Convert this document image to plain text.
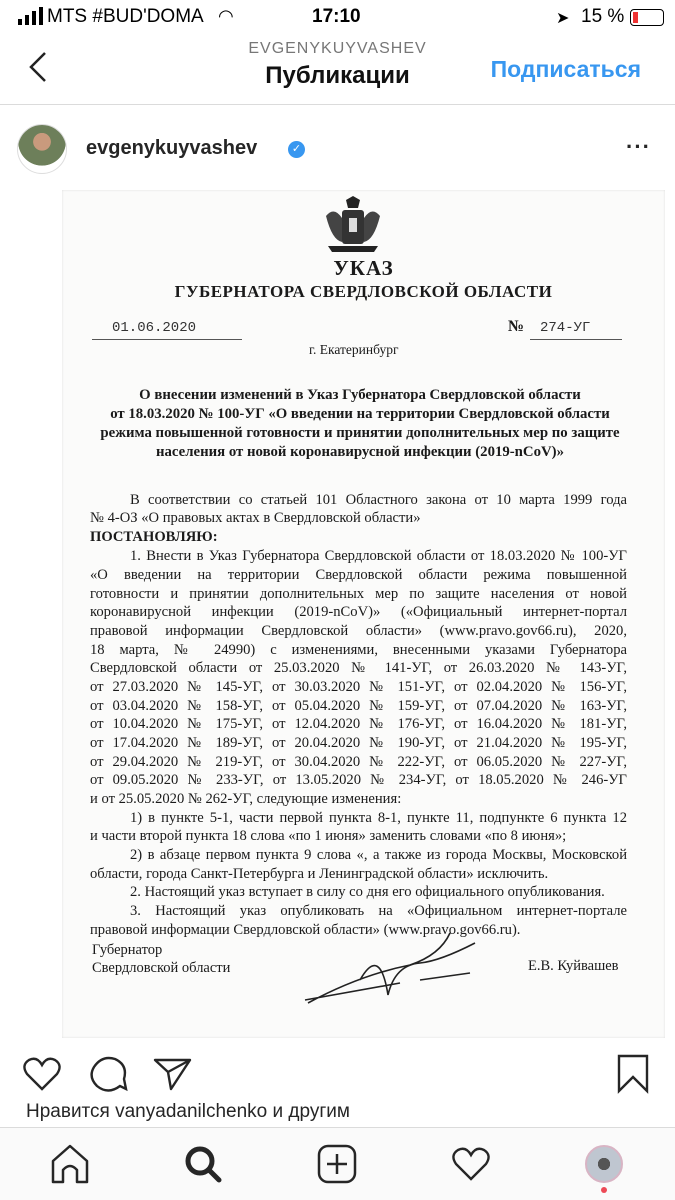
MTS #BUD'DOMA ◠	17:10	➤ 15 %
EVGENYKUYVASHEV
Публикации	Подписаться
evgenykuyvashev	✓	···
УКАЗ
ГУБЕРНАТОРА СВЕРДЛОВСКОЙ ОБЛАСТИ
01.06.2020	№ 274-УГ
г. Екатеринбург
О внесении изменений в Указ Губернатора Свердловской области
от 18.03.2020 № 100-УГ «О введении на территории Свердловской области
режима повышенной готовности и принятии дополнительных мер по защите
населения от новой коронавирусной инфекции (2019-nCoV)»
В соответствии со статьей 101 Областного закона от 10 марта 1999 года
№ 4-ОЗ «О правовых актах в Свердловской области»
ПОСТАНОВЛЯЮ:
1. Внести в Указ Губернатора Свердловской области от 18.03.2020 № 100-УГ
«О введении на территории Свердловской области режима повышенной
готовности и принятии дополнительных мер по защите населения от новой
коронавирусной инфекции (2019-nCoV)» («Официальный интернет-портал
правовой информации Свердловской области» (www.pravo.gov66.ru), 2020,
18 марта, № 24990) с изменениями, внесенными указами Губернатора
Свердловской области от 25.03.2020 № 141-УГ, от 26.03.2020 № 143-УГ,
от 27.03.2020 № 145-УГ, от 30.03.2020 № 151-УГ, от 02.04.2020 № 156-УГ,
от 03.04.2020 № 158-УГ, от 05.04.2020 № 159-УГ, от 07.04.2020 № 163-УГ,
от 10.04.2020 № 175-УГ, от 12.04.2020 № 176-УГ, от 16.04.2020 № 181-УГ,
от 17.04.2020 № 189-УГ, от 20.04.2020 № 190-УГ, от 21.04.2020 № 195-УГ,
от 29.04.2020 № 219-УГ, от 30.04.2020 № 222-УГ, от 06.05.2020 № 227-УГ,
от 09.05.2020 № 233-УГ, от 13.05.2020 № 234-УГ, от 18.05.2020 № 246-УГ
и от 25.05.2020 № 262-УГ, следующие изменения:
1) в пункте 5-1, части первой пункта 8-1, пункте 11, подпункте 6 пункта 12
и части второй пункта 18 слова «по 1 июня» заменить словами «по 8 июня»;
2) в абзаце первом пункта 9 слова «, а также из города Москвы, Московской
области, города Санкт-Петербурга и Ленинградской области» исключить.
2. Настоящий указ вступает в силу со дня его официального опубликования.
3. Настоящий указ опубликовать на «Официальном интернет-портале
правовой информации Свердловской области» (www.pravo.gov66.ru).
Губернатор
Свердловской области	Е.В. Куйвашев
Нравится vanyadanilchenko и другим
